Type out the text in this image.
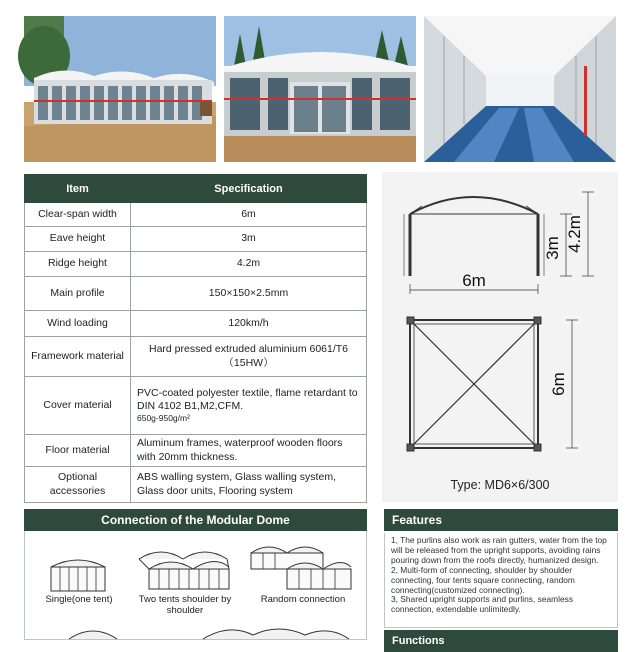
Item	Specification
Clear-span width	6m
Eave height	3m
Ridge height	4.2m
Main profile	150×150×2.5mm
Wind loading	120km/h
Framework material	Hard pressed extruded aluminium 6061/T6（15HW）
Cover material	PVC-coated polyester textile, flame retardant to DIN 4102 B1,M2,CFM.
650g-950g/m²

Floor material	Aluminum frames, waterproof wooden floors with 20mm thickness.
Optional accessories	ABS walling system, Glass walling system, Glass door units, Flooring system
6m
3m 4.2m
6m
Type: MD6×6/300
Connection of the Modular Dome
Single(one tent)	Two tents shoulder by shoulder
Random connection
Features

1, The purlins also work as rain gutters, water from the top will be released from the upright supports, avoiding rains pouring down from the roofs directly, humanized design.

2, Multi-form of connecting, shoulder by shoulder connecting, four tents square connecting, random connecting(customized connecting).

3, Shared upright supports and purlins, seamless connection, extendable unlimitedly.

Functions
